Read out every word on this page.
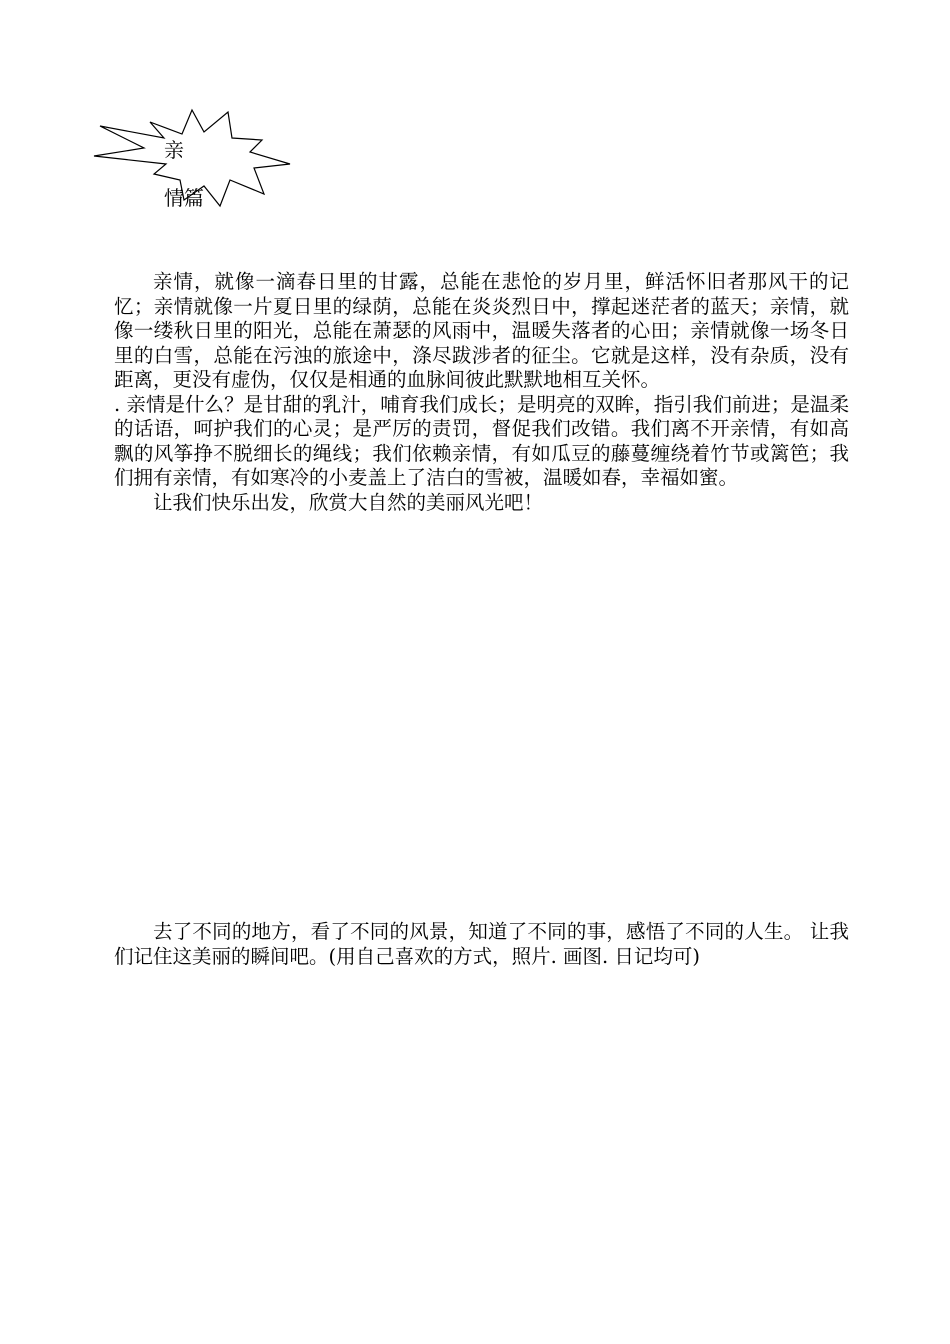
亲
情篇

亲情，就像一滴春日里的甘露，总能在悲怆的岁月里，鲜活怀旧者那风干的记忆；亲情就像一片夏日里的绿荫，总能在炎炎烈日中，撑起迷茫者的蓝天；亲情，就像一缕秋日里的阳光，总能在萧瑟的风雨中，温暖失落者的心田；亲情就像一场冬日里的白雪，总能在污浊的旅途中，涤尽跋涉者的征尘。它就是这样，没有杂质，没有距离，更没有虚伪，仅仅是相通的血脉间彼此默默地相互关怀。

. 亲情是什么？是甘甜的乳汁，哺育我们成长；是明亮的双眸，指引我们前进；是温柔的话语，呵护我们的心灵；是严厉的责罚，督促我们改错。我们离不开亲情，有如高飘的风筝挣不脱细长的绳线；我们依赖亲情，有如瓜豆的藤蔓缠绕着竹节或篱笆；我们拥有亲情，有如寒冷的小麦盖上了洁白的雪被，温暖如春，幸福如蜜。

让我们快乐出发，欣赏大自然的美丽风光吧！

去了不同的地方，看了不同的风景，知道了不同的事，感悟了不同的人生。 让我们记住这美丽的瞬间吧。(用自己喜欢的方式，照片. 画图. 日记均可)
